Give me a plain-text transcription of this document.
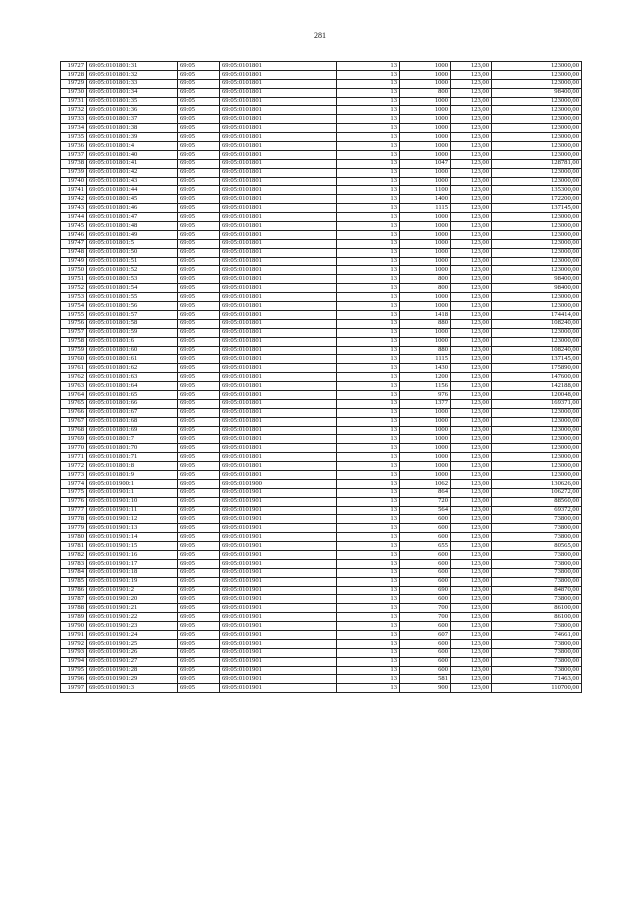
281
19727	69:05:0101801:31	69:05	69:05:0101801	13	1000	123,00	123000,00
19728	69:05:0101801:32	69:05	69:05:0101801	13	1000	123,00	123000,00
19729	69:05:0101801:33	69:05	69:05:0101801	13	1000	123,00	123000,00
19730	69:05:0101801:34	69:05	69:05:0101801	13	800	123,00	98400,00
19731	69:05:0101801:35	69:05	69:05:0101801	13	1000	123,00	123000,00
19732	69:05:0101801:36	69:05	69:05:0101801	13	1000	123,00	123000,00
19733	69:05:0101801:37	69:05	69:05:0101801	13	1000	123,00	123000,00
19734	69:05:0101801:38	69:05	69:05:0101801	13	1000	123,00	123000,00
19735	69:05:0101801:39	69:05	69:05:0101801	13	1000	123,00	123000,00
19736	69:05:0101801:4	69:05	69:05:0101801	13	1000	123,00	123000,00
19737	69:05:0101801:40	69:05	69:05:0101801	13	1000	123,00	123000,00
19738	69:05:0101801:41	69:05	69:05:0101801	13	1047	123,00	128781,00
19739	69:05:0101801:42	69:05	69:05:0101801	13	1000	123,00	123000,00
19740	69:05:0101801:43	69:05	69:05:0101801	13	1000	123,00	123000,00
19741	69:05:0101801:44	69:05	69:05:0101801	13	1100	123,00	135300,00
19742	69:05:0101801:45	69:05	69:05:0101801	13	1400	123,00	172200,00
19743	69:05:0101801:46	69:05	69:05:0101801	13	1115	123,00	137145,00
19744	69:05:0101801:47	69:05	69:05:0101801	13	1000	123,00	123000,00
19745	69:05:0101801:48	69:05	69:05:0101801	13	1000	123,00	123000,00
19746	69:05:0101801:49	69:05	69:05:0101801	13	1000	123,00	123000,00
19747	69:05:0101801:5	69:05	69:05:0101801	13	1000	123,00	123000,00
19748	69:05:0101801:50	69:05	69:05:0101801	13	1000	123,00	123000,00
19749	69:05:0101801:51	69:05	69:05:0101801	13	1000	123,00	123000,00
19750	69:05:0101801:52	69:05	69:05:0101801	13	1000	123,00	123000,00
19751	69:05:0101801:53	69:05	69:05:0101801	13	800	123,00	98400,00
19752	69:05:0101801:54	69:05	69:05:0101801	13	800	123,00	98400,00
19753	69:05:0101801:55	69:05	69:05:0101801	13	1000	123,00	123000,00
19754	69:05:0101801:56	69:05	69:05:0101801	13	1000	123,00	123000,00
19755	69:05:0101801:57	69:05	69:05:0101801	13	1418	123,00	174414,00
19756	69:05:0101801:58	69:05	69:05:0101801	13	880	123,00	108240,00
19757	69:05:0101801:59	69:05	69:05:0101801	13	1000	123,00	123000,00
19758	69:05:0101801:6	69:05	69:05:0101801	13	1000	123,00	123000,00
19759	69:05:0101801:60	69:05	69:05:0101801	13	880	123,00	108240,00
19760	69:05:0101801:61	69:05	69:05:0101801	13	1115	123,00	137145,00
19761	69:05:0101801:62	69:05	69:05:0101801	13	1430	123,00	175890,00
19762	69:05:0101801:63	69:05	69:05:0101801	13	1200	123,00	147600,00
19763	69:05:0101801:64	69:05	69:05:0101801	13	1156	123,00	142188,00
19764	69:05:0101801:65	69:05	69:05:0101801	13	976	123,00	120048,00
19765	69:05:0101801:66	69:05	69:05:0101801	13	1377	123,00	169371,00
19766	69:05:0101801:67	69:05	69:05:0101801	13	1000	123,00	123000,00
19767	69:05:0101801:68	69:05	69:05:0101801	13	1000	123,00	123000,00
19768	69:05:0101801:69	69:05	69:05:0101801	13	1000	123,00	123000,00
19769	69:05:0101801:7	69:05	69:05:0101801	13	1000	123,00	123000,00
19770	69:05:0101801:70	69:05	69:05:0101801	13	1000	123,00	123000,00
19771	69:05:0101801:71	69:05	69:05:0101801	13	1000	123,00	123000,00
19772	69:05:0101801:8	69:05	69:05:0101801	13	1000	123,00	123000,00
19773	69:05:0101801:9	69:05	69:05:0101801	13	1000	123,00	123000,00
19774	69:05:0101900:1	69:05	69:05:0101900	13	1062	123,00	130626,00
19775	69:05:0101901:1	69:05	69:05:0101901	13	864	123,00	106272,00
19776	69:05:0101901:10	69:05	69:05:0101901	13	720	123,00	88560,00
19777	69:05:0101901:11	69:05	69:05:0101901	13	564	123,00	69372,00
19778	69:05:0101901:12	69:05	69:05:0101901	13	600	123,00	73800,00
19779	69:05:0101901:13	69:05	69:05:0101901	13	600	123,00	73800,00
19780	69:05:0101901:14	69:05	69:05:0101901	13	600	123,00	73800,00
19781	69:05:0101901:15	69:05	69:05:0101901	13	655	123,00	80565,00
19782	69:05:0101901:16	69:05	69:05:0101901	13	600	123,00	73800,00
19783	69:05:0101901:17	69:05	69:05:0101901	13	600	123,00	73800,00
19784	69:05:0101901:18	69:05	69:05:0101901	13	600	123,00	73800,00
19785	69:05:0101901:19	69:05	69:05:0101901	13	600	123,00	73800,00
19786	69:05:0101901:2	69:05	69:05:0101901	13	690	123,00	84870,00
19787	69:05:0101901:20	69:05	69:05:0101901	13	600	123,00	73800,00
19788	69:05:0101901:21	69:05	69:05:0101901	13	700	123,00	86100,00
19789	69:05:0101901:22	69:05	69:05:0101901	13	700	123,00	86100,00
19790	69:05:0101901:23	69:05	69:05:0101901	13	600	123,00	73800,00
19791	69:05:0101901:24	69:05	69:05:0101901	13	607	123,00	74661,00
19792	69:05:0101901:25	69:05	69:05:0101901	13	600	123,00	73800,00
19793	69:05:0101901:26	69:05	69:05:0101901	13	600	123,00	73800,00
19794	69:05:0101901:27	69:05	69:05:0101901	13	600	123,00	73800,00
19795	69:05:0101901:28	69:05	69:05:0101901	13	600	123,00	73800,00
19796	69:05:0101901:29	69:05	69:05:0101901	13	581	123,00	71463,00
19797	69:05:0101901:3	69:05	69:05:0101901	13	900	123,00	110700,00
